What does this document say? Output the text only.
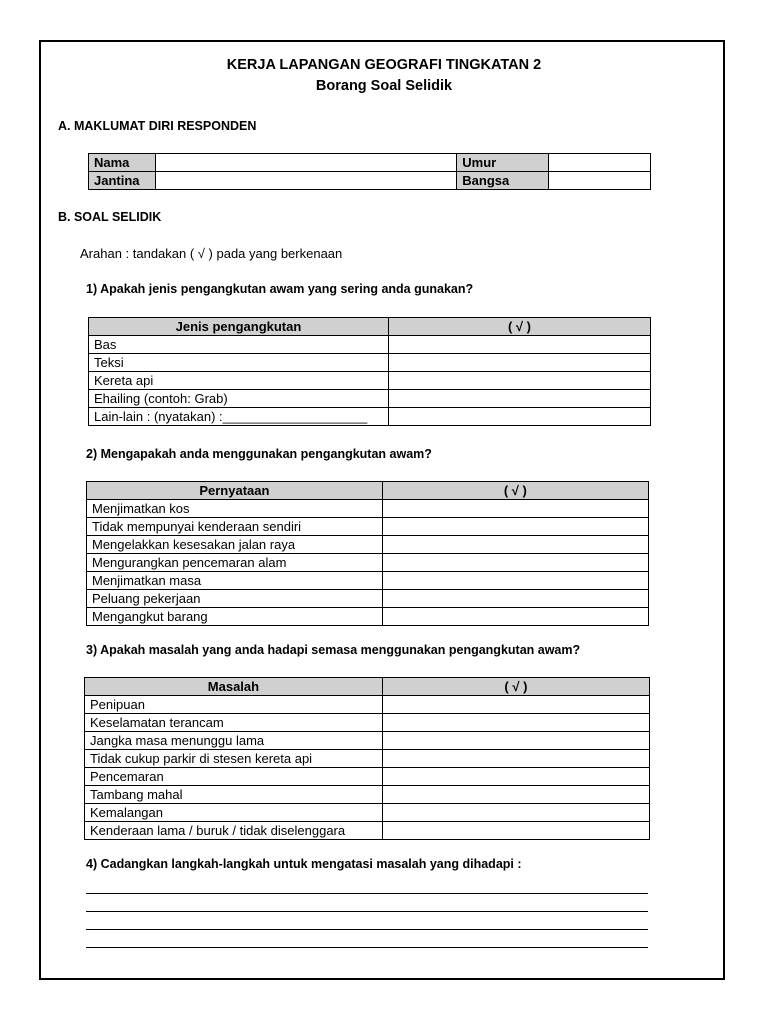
KERJA LAPANGAN GEOGRAFI TINGKATAN 2
Borang Soal Selidik
A. MAKLUMAT DIRI RESPONDEN
Nama		Umur	
Jantina		Bangsa	
B. SOAL SELIDIK
Arahan : tandakan ( √ ) pada yang berkenaan
1) Apakah jenis pengangkutan awam yang sering anda gunakan?
Jenis pengangkutan	( √ )
Bas	
Teksi	
Kereta api	
Ehailing (contoh: Grab)	
Lain-lain : (nyatakan) :____________________	
2) Mengapakah anda menggunakan pengangkutan awam?
Pernyataan	( √ )
Menjimatkan kos	
Tidak mempunyai kenderaan sendiri	
Mengelakkan kesesakan jalan raya	
Mengurangkan pencemaran alam	
Menjimatkan masa	
Peluang pekerjaan	
Mengangkut barang	
3) Apakah masalah yang anda hadapi semasa menggunakan pengangkutan awam?
Masalah	( √ )
Penipuan	
Keselamatan terancam	
Jangka masa menunggu lama	
Tidak cukup parkir di stesen kereta api	
Pencemaran	
Tambang mahal	
Kemalangan	
Kenderaan lama / buruk / tidak diselenggara	
4) Cadangkan langkah-langkah untuk mengatasi masalah yang dihadapi :
